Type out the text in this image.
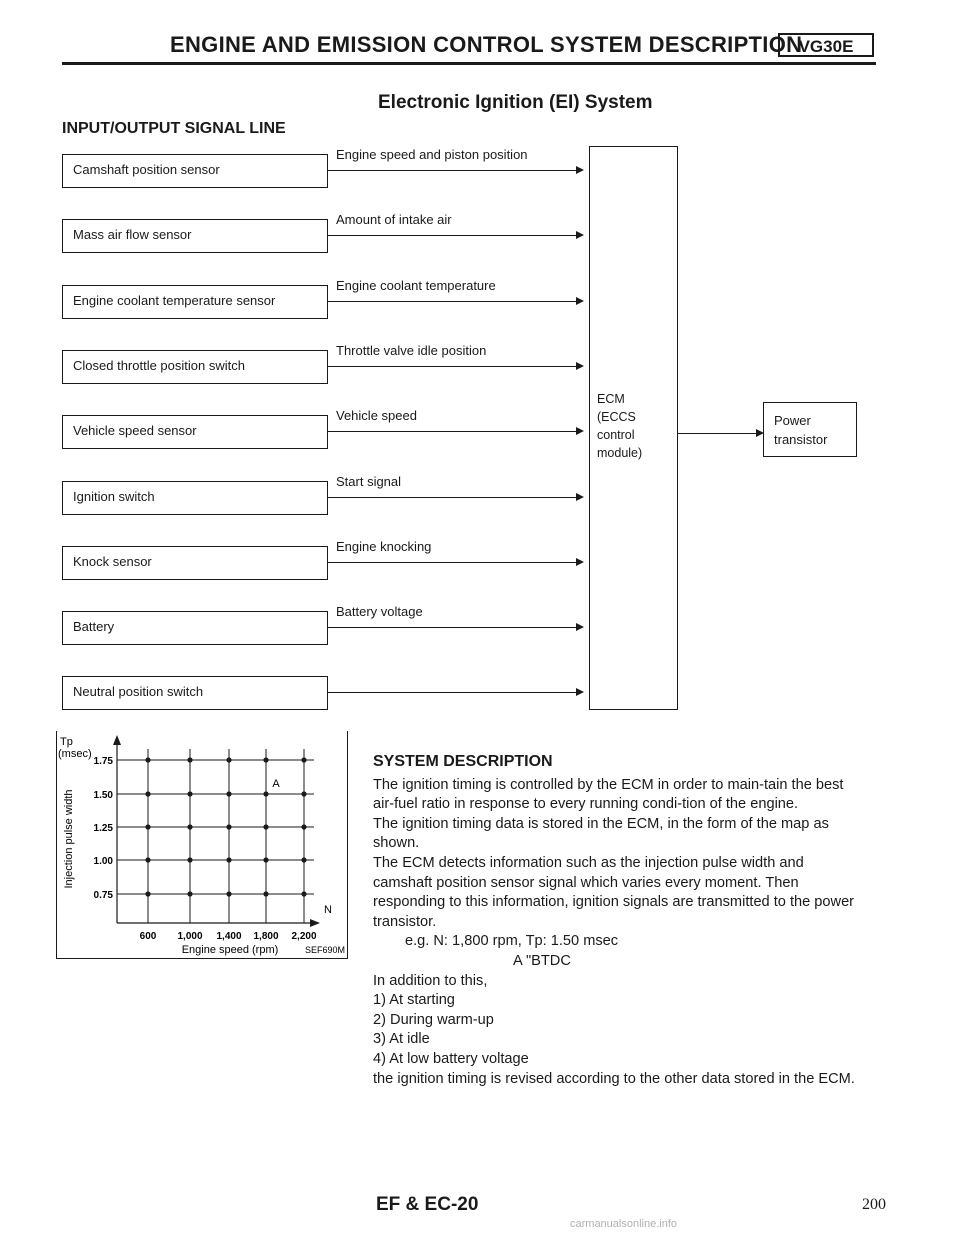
ENGINE AND EMISSION CONTROL SYSTEM DESCRIPTION
VG30E
Electronic Ignition (EI) System
INPUT/OUTPUT SIGNAL LINE
Camshaft position sensor
Engine speed and piston position
Mass air flow sensor
Amount of intake air
Engine coolant temperature sensor
Engine coolant temperature
Closed throttle position switch
Throttle valve idle position
Vehicle speed sensor
Vehicle speed
Ignition switch
Start signal
Knock sensor
Engine knocking
Battery
Battery voltage
Neutral position switch
ECM
(ECCS
control
module)
Power
transistor
1.75
1.50
1.25
1.00
0.75
600 1,000 1,400 1,800 2,200
Tp
(msec)
Injection pulse width
Engine speed (rpm)
N
A
SEF690M
SYSTEM DESCRIPTION

The ignition timing is controlled by the ECM in order to main-tain the best air-fuel ratio in response to every running condi-tion of the engine.

The ignition timing data is stored in the ECM, in the form of the map as shown.

The ECM detects information such as the injection pulse width and camshaft position sensor signal which varies every moment. Then responding to this information, ignition signals are transmitted to the power transistor.

e.g. N: 1,800 rpm, Tp: 1.50 msec

A "BTDC

In addition to this,

1) At starting

2) During warm-up

3) At idle

4) At low battery voltage

the ignition timing is revised according to the other data stored in the ECM.

EF & EC-20	200
carmanualsonline.info
